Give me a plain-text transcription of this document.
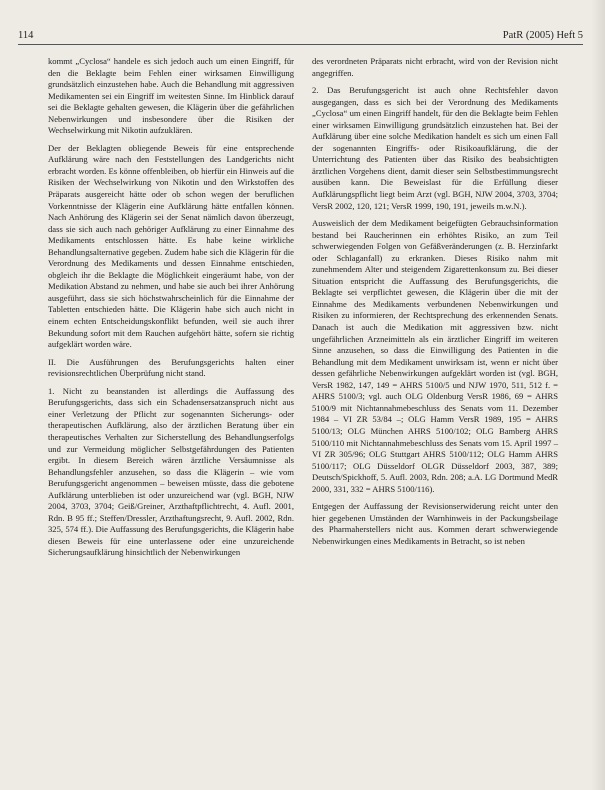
114	PatR (2005) Heft 5

kommt „Cyclosa“ handele es sich jedoch auch um einen Eingriff, für den die Beklagte beim Fehlen einer wirksamen Einwilligung grundsätzlich einzustehen habe. Auch die Behandlung mit aggressiven Medikamenten sei ein Eingriff im weitesten Sinne. Im Hinblick darauf sei die Beklagte gehalten gewesen, die Klägerin über die gefährlichen Nebenwirkungen und insbesondere über die Risiken der Wechselwirkung mit Nikotin aufzuklären.

Der der Beklagten obliegende Beweis für eine entsprechende Aufklärung wäre nach den Feststellungen des Landgerichts nicht erbracht worden. Es könne offenbleiben, ob hierfür ein Hinweis auf die Risiken der Wechselwirkung von Nikotin und den Wirkstoffen des Präparats ausgereicht hätte oder ob schon wegen der beruflichen Vorkenntnisse der Klägerin eine Aufklärung hätte entfallen können. Nach Anhörung des Klägerin sei der Senat nämlich davon überzeugt, dass sie sich auch nach gehöriger Aufklärung zu einer Einnahme des Medikaments entschlossen hätte. Es habe keine wirkliche Behandlungsalternative gegeben. Zudem habe sich die Klägerin für die Verordnung des Medikaments und dessen Einnahme entschieden, obgleich ihr die Beklagte die Möglichkeit eingeräumt habe, von der Medikation Abstand zu nehmen, und habe sie auch bei ihrer Anhörung ausgeführt, dass sie sich höchstwahrscheinlich für die Einnahme der Tabletten entschieden hätte. Die Klägerin habe sich auch nicht in einem echten Entscheidungskonflikt befunden, weil sie auch ihrer Bekundung sofort mit dem Rauchen aufgehört hätte, sofern sie richtig aufgeklärt worden wäre.

II. Die Ausführungen des Berufungsgerichts halten einer revisionsrechtlichen Überprüfung nicht stand.

1. Nicht zu beanstanden ist allerdings die Auffassung des Berufungsgerichts, dass sich ein Schadensersatzanspruch nicht aus einer Verletzung der Pflicht zur sogenannten Sicherungs- oder therapeutischen Aufklärung, also der ärztlichen Beratung über ein therapeutisches Verhalten zur Sicherstellung des Behandlungserfolgs und zur Vermeidung möglicher Selbstgefährdungen des Patienten ergibt. In diesem Bereich wären ärztliche Versäumnisse als Behandlungsfehler anzusehen, so dass die Klägerin – wie vom Berufungsgericht angenommen – beweisen müsste, dass die gebotene Aufklärung unterblieben ist oder unzureichend war (vgl. BGH, NJW 2004, 3703, 3704; Geiß/Greiner, Arzthaftpflichtrecht, 4. Aufl. 2001, Rdn. B 95 ff.; Steffen/Dressler, Arzthaftungsrecht, 9. Aufl. 2002, Rdn. 325, 574 ff.). Die Auffassung des Berufungsgerichts, die Klägerin habe diesen Beweis für eine unterlassene oder eine unzureichende Sicherungsaufklärung hinsichtlich der Nebenwirkungen

des verordneten Präparats nicht erbracht, wird von der Revision nicht angegriffen.

2. Das Berufungsgericht ist auch ohne Rechtsfehler davon ausgegangen, dass es sich bei der Verordnung des Medikaments „Cyclosa“ um einen Eingriff handelt, für den die Beklagte beim Fehlen einer wirksamen Einwilligung grundsätzlich einzustehen hat. Bei der Aufklärung über eine solche Medikation handelt es sich um einen Fall der sogenannten Eingriffs- oder Risikoaufklärung, die der Unterrichtung des Patienten über das Risiko des beabsichtigten ärztlichen Vorgehens dient, damit dieser sein Selbstbestimmungsrecht ausüben kann. Die Beweislast für die Erfüllung dieser Aufklärungspflicht liegt beim Arzt (vgl. BGH, NJW 2004, 3703, 3704; VersR 2002, 120, 121; VersR 1999, 190, 191, jeweils m.w.N.).

Ausweislich der dem Medikament beigefügten Gebrauchsinformation bestand bei Raucherinnen ein erhöhtes Risiko, an zum Teil schwerwiegenden Folgen von Gefäßveränderungen (z. B. Herzinfarkt oder Schlaganfall) zu erkranken. Dieses Risiko nahm mit zunehmendem Alter und steigendem Zigarettenkonsum zu. Bei dieser Situation entspricht die Auffassung des Berufungsgerichts, die Beklagte sei verpflichtet gewesen, die Klägerin über die mit der Einnahme des Medikaments verbundenen Nebenwirkungen und Risiken zu informieren, der Rechtsprechung des erkennenden Senats. Danach ist auch die Medikation mit aggressiven bzw. nicht ungefährlichen Arzneimitteln als ein ärztlicher Eingriff im weiteren Sinne anzusehen, so dass die Einwilligung des Patienten in die Behandlung mit dem Medikament unwirksam ist, wenn er nicht über dessen gefährliche Nebenwirkungen aufgeklärt worden ist (vgl. BGH, VersR 1982, 147, 149 = AHRS 5100/5 und NJW 1970, 511, 512 f. = AHRS 5100/3; vgl. auch OLG Oldenburg VersR 1986, 69 = AHRS 5100/9 mit Nichtannahmebeschluss des Senats vom 11. Dezember 1984 – VI ZR 53/84 –; OLG Hamm VersR 1989, 195 = AHRS 5100/13; OLG München AHRS 5100/102; OLG Bamberg AHRS 5100/110 mit Nichtannahmebeschluss des Senats vom 15. April 1997 – VI ZR 305/96; OLG Stuttgart AHRS 5100/112; OLG Hamm AHRS 5100/117; OLG Düsseldorf OLGR Düsseldorf 2003, 387, 389; Deutsch/Spickhoff, 5. Aufl. 2003, Rdn. 208; a.A. LG Dortmund MedR 2000, 331, 332 = AHRS 5100/116).

Entgegen der Auffassung der Revisionserwiderung reicht unter den hier gegebenen Umständen der Warnhinweis in der Packungsbeilage des Pharmaherstellers nicht aus. Kommen derart schwerwiegende Nebenwirkungen eines Medikaments in Betracht, so ist neben
